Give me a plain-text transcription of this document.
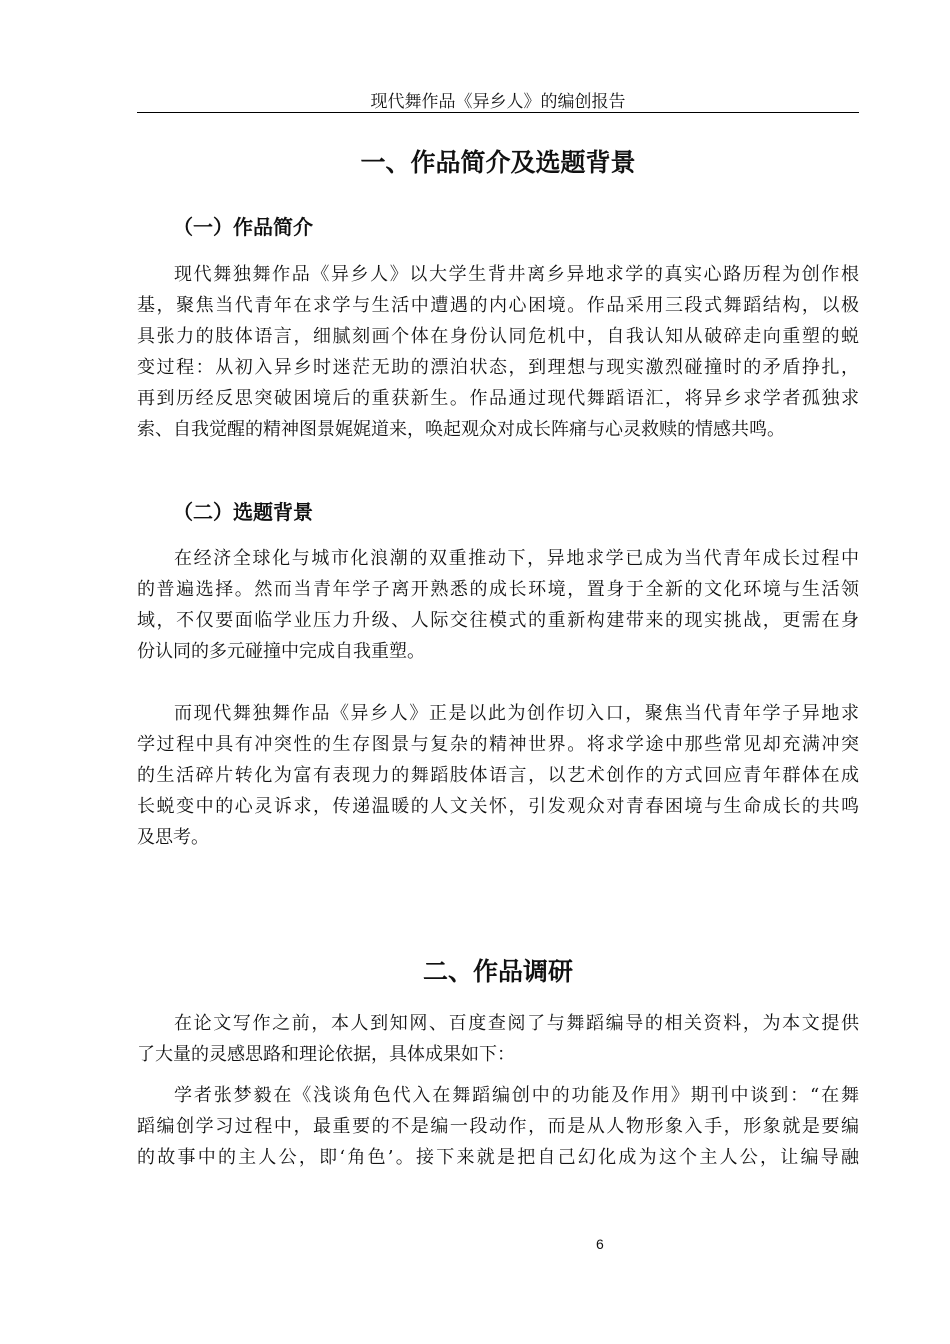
现代舞作品《异乡人》的编创报告
一、作品简介及选题背景
（一）作品简介
现代舞独舞作品《异乡人》以大学生背井离乡异地求学的真实心路历程为创作根
基，聚焦当代青年在求学与生活中遭遇的内心困境。作品采用三段式舞蹈结构，以极
具张力的肢体语言，细腻刻画个体在身份认同危机中，自我认知从破碎走向重塑的蜕
变过程：从初入异乡时迷茫无助的漂泊状态，到理想与现实激烈碰撞时的矛盾挣扎，
再到历经反思突破困境后的重获新生。作品通过现代舞蹈语汇，将异乡求学者孤独求
索、自我觉醒的精神图景娓娓道来，唤起观众对成长阵痛与心灵救赎的情感共鸣。
（二）选题背景
在经济全球化与城市化浪潮的双重推动下，异地求学已成为当代青年成长过程中
的普遍选择。然而当青年学子离开熟悉的成长环境，置身于全新的文化环境与生活领
域，不仅要面临学业压力升级、人际交往模式的重新构建带来的现实挑战，更需在身
份认同的多元碰撞中完成自我重塑。
而现代舞独舞作品《异乡人》正是以此为创作切入口，聚焦当代青年学子异地求
学过程中具有冲突性的生存图景与复杂的精神世界。将求学途中那些常见却充满冲突
的生活碎片转化为富有表现力的舞蹈肢体语言，以艺术创作的方式回应青年群体在成
长蜕变中的心灵诉求，传递温暖的人文关怀，引发观众对青春困境与生命成长的共鸣
及思考。
二、作品调研
在论文写作之前，本人到知网、百度查阅了与舞蹈编导的相关资料，为本文提供
了大量的灵感思路和理论依据，具体成果如下：
学者张梦毅在《浅谈角色代入在舞蹈编创中的功能及作用》期刊中谈到：“在舞
蹈编创学习过程中，最重要的不是编一段动作，而是从人物形象入手，形象就是要编
的故事中的主人公，即‘角色’。接下来就是把自己幻化成为这个主人公，让编导融
6
